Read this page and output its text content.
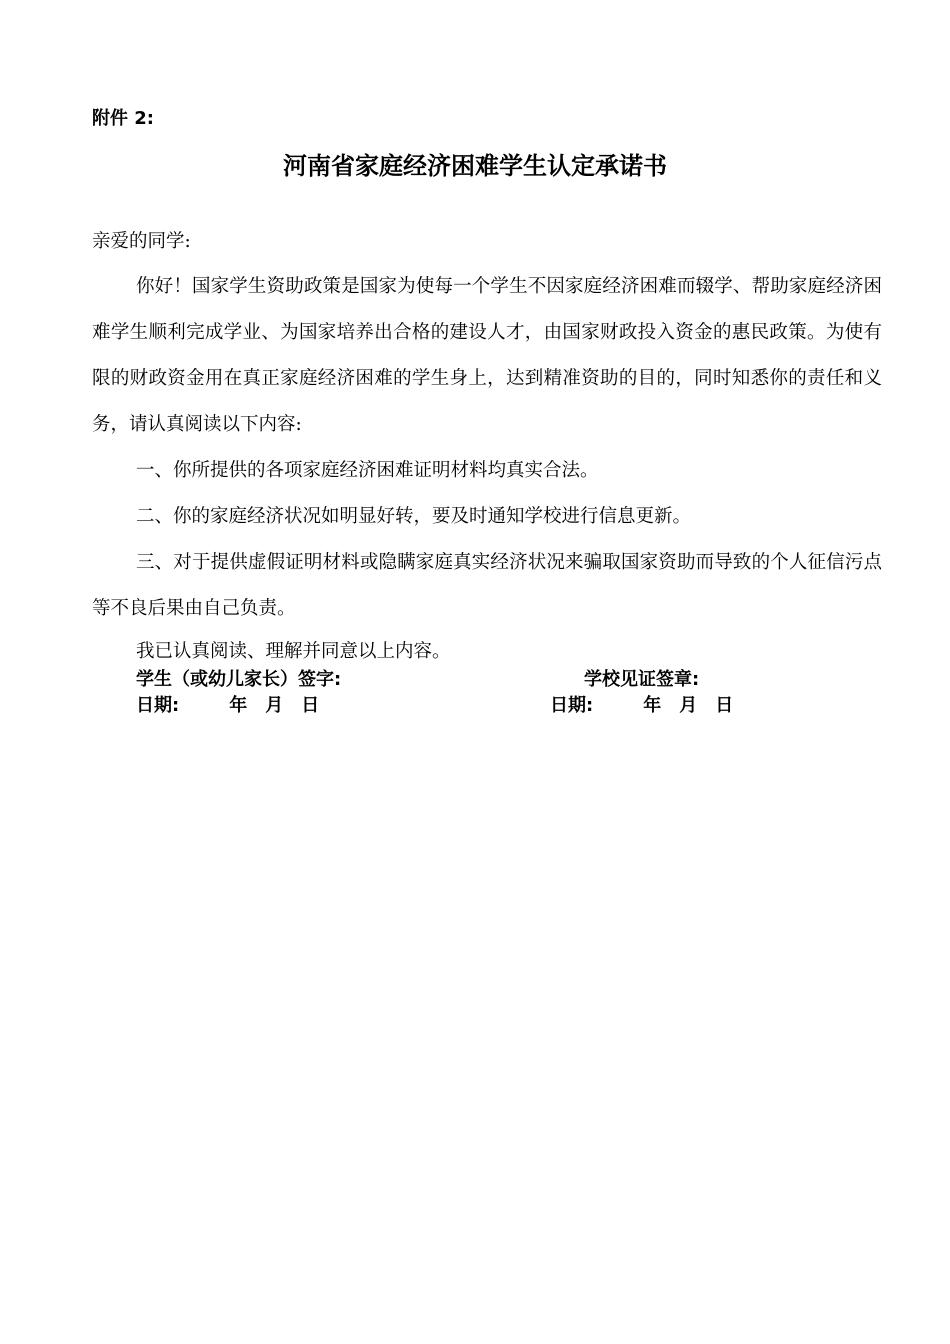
附件 2:
河南省家庭经济困难学生认定承诺书
亲爱的同学:

你好！国家学生资助政策是国家为使每一个学生不因家庭经济困难而辍学、帮助家庭经济困难学生顺利完成学业、为国家培养出合格的建设人才，由国家财政投入资金的惠民政策。为使有限的财政资金用在真正家庭经济困难的学生身上，达到精准资助的目的，同时知悉你的责任和义务，请认真阅读以下内容:

一、你所提供的各项家庭经济困难证明材料均真实合法。

二、你的家庭经济状况如明显好转，要及时通知学校进行信息更新。

三、对于提供虚假证明材料或隐瞒家庭真实经济状况来骗取国家资助而导致的个人征信污点等不良后果由自己负责。

我已认真阅读、理解并同意以上内容。
学生（或幼儿家长）签字:	学校见证签章:
日期:	年 月 日	日期:	年 月 日
